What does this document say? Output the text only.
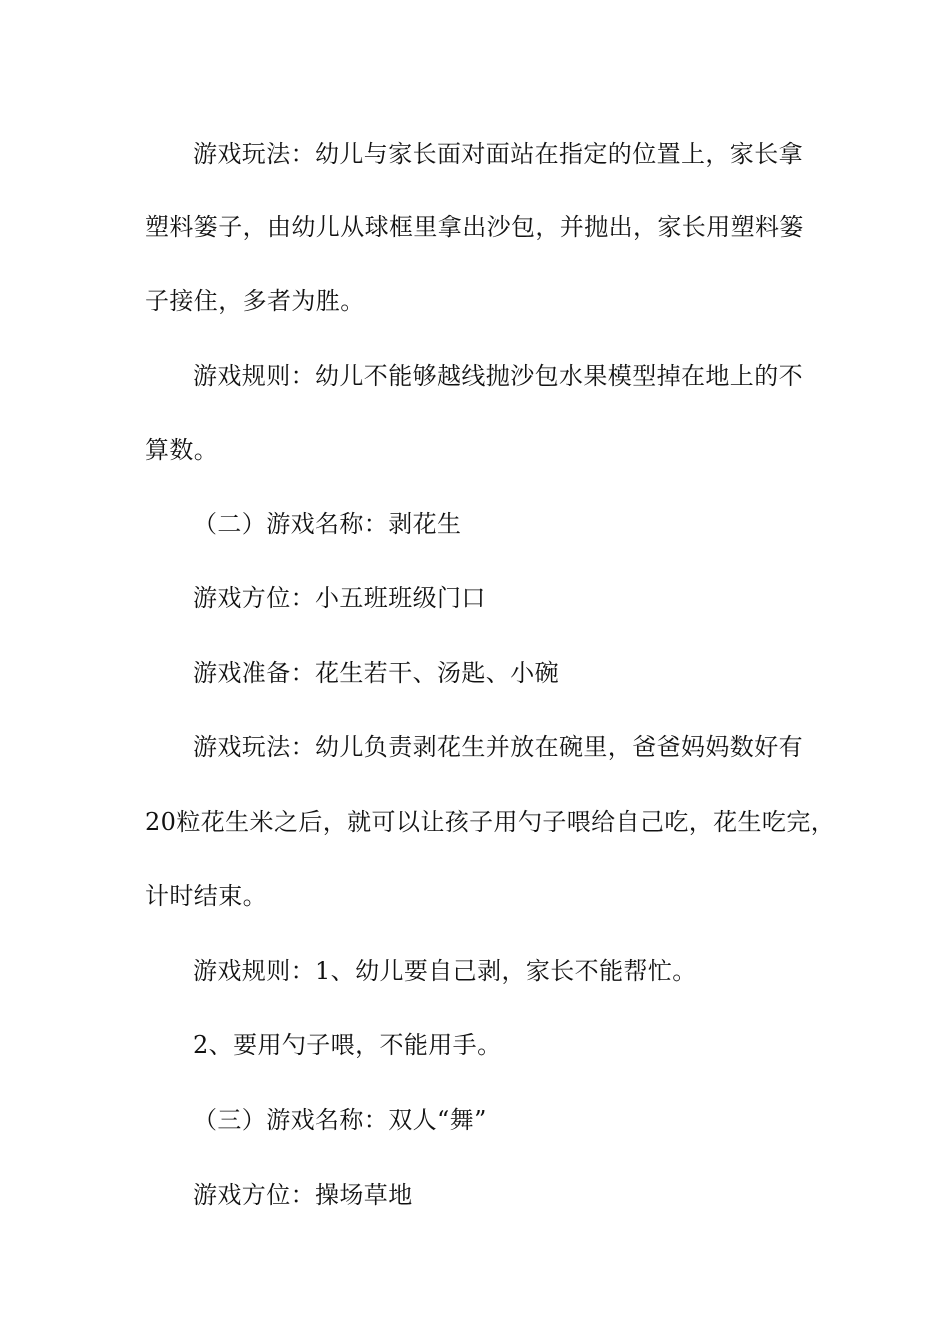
游戏玩法：幼儿与家长面对面站在指定的位置上，家长拿
塑料篓子，由幼儿从球框里拿出沙包，并抛出，家长用塑料篓
子接住，多者为胜。
游戏规则：幼儿不能够越线抛沙包水果模型掉在地上的不
算数。
（二）游戏名称：剥花生
游戏方位：小五班班级门口
游戏准备：花生若干、汤匙、小碗
游戏玩法：幼儿负责剥花生并放在碗里，爸爸妈妈数好有
20粒花生米之后，就可以让孩子用勺子喂给自己吃，花生吃完，
计时结束。
游戏规则：1、幼儿要自己剥，家长不能帮忙。
2、要用勺子喂，不能用手。
（三）游戏名称：双人“舞”
游戏方位：操场草地
